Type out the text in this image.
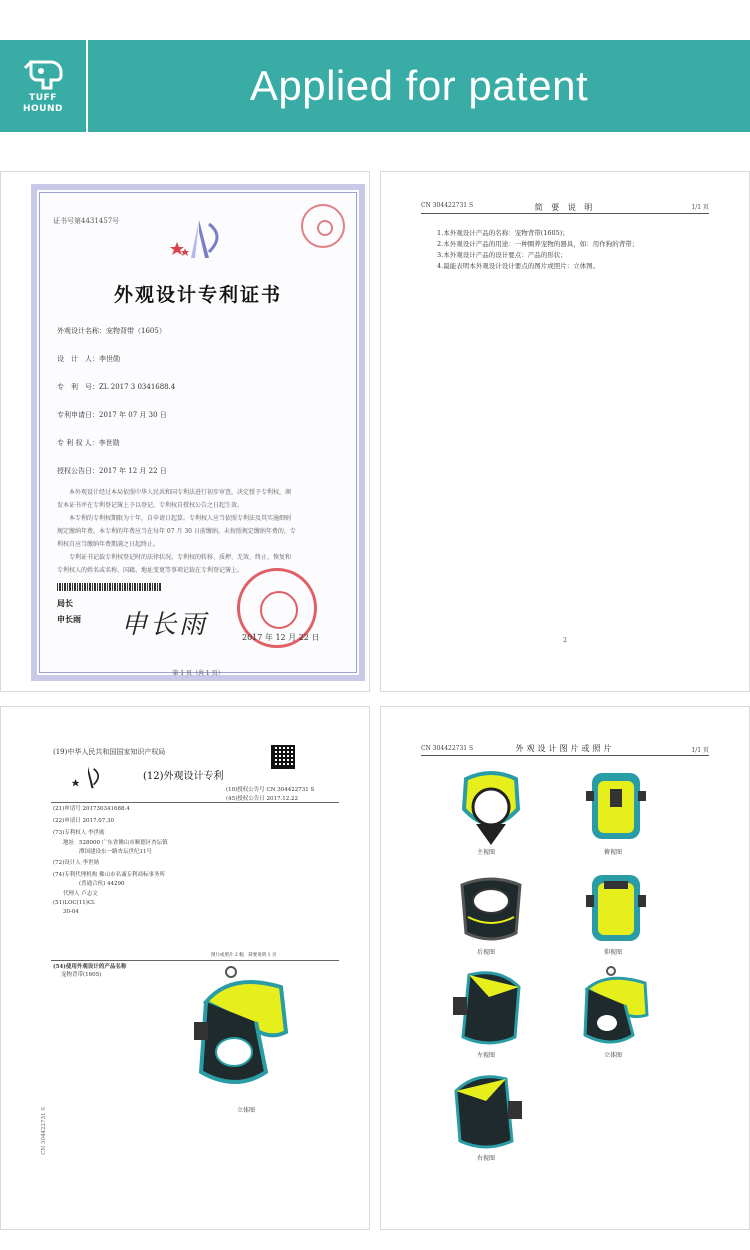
TUFF
HOUND	Applied for patent
证书号第4431457号
外观设计专利证书
外观设计名称：宠物背带（1605）
设　计　人：李世勋
专　利　号：ZL 2017 3 0341688.4
专利申请日：2017 年 07 月 30 日
专 利 权 人：李世勋
授权公告日：2017 年 12 月 22 日
　　本外观设计经过本局依照中华人民共和国专利法进行初步审查，决定授予专利权，颁
发本证书并在专利登记簿上予以登记。专利权自授权公告之日起生效。
　　本专利的专利权期限为十年，自申请日起算。专利权人应当依照专利法及其实施细则
规定缴纳年费。本专利的年费应当在每年 07 月 30 日前缴纳。未按照规定缴纳年费的，专
利权自应当缴纳年费期满之日起终止。
　　专利证书记载专利权登记时的法律状况。专利权的转移、质押、无效、终止、恢复和
专利权人的姓名或名称、国籍、地址变更等事项记载在专利登记簿上。
局长
申长雨 申长雨	2017 年 12 月 22 日
第 1 页（共 1 页）
CN 304422731 S	简 要 说 明	1/1 页
1.本外观设计产品的名称：宠物背带(1605)；
2.本外观设计产品的用途：一种圈养宠物的器具，如：用作狗的背带；
3.本外观设计产品的设计要点：产品的形状；
4.最能表明本外观设计设计要点的图片或照片：立体图。
2
(19)中华人民共和国国家知识产权局
(12)外观设计专利
(10)授权公告号 CN 304422731 S
(45)授权公告日 2017.12.22
(21)申请号 201730341688.4
(22)申请日 2017.07.30
(73)专利权人 李世勋
地址 528000 广东省佛山市顺德区杏坛镇
潭国建设东一路杏坛世纪11号
(72)设计人 李世勋
(74)专利代理机构 佛山市名诚专利商标事务所
(普通合伙) 44290
代理人 卢志文
(51)LOC(11)Cl.
30-04
图片或照片 2 幅　简要说明 1 页
(54)使用外观设计的产品名称
宠物背带(1605)
立体图
CN 304422731 S
CN 304422731 S	外观设计图片或照片	1/1 页
主视图	俯视图
后视图	仰视图
左视图	立体图
右视图
